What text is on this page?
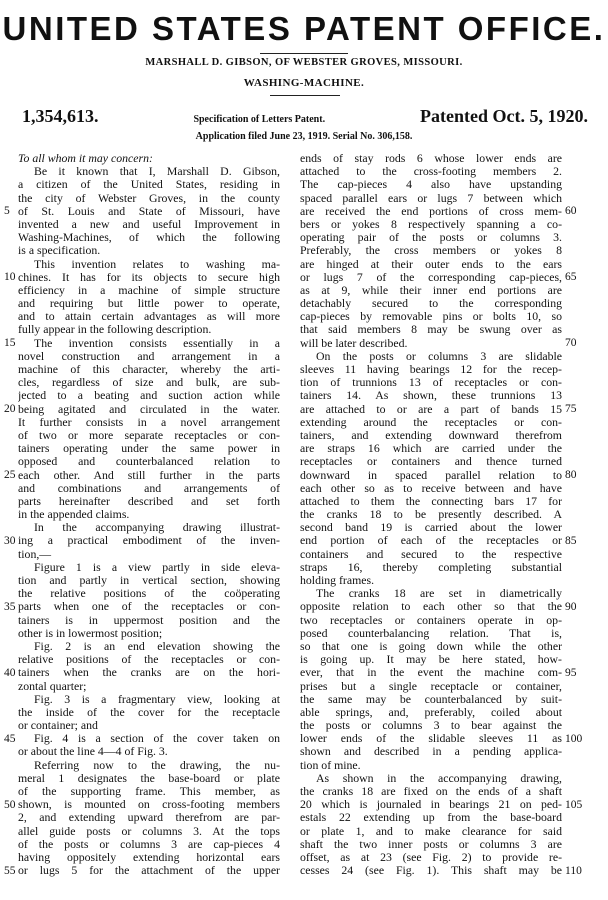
UNITED STATES PATENT OFFICE.
MARSHALL D. GIBSON, OF WEBSTER GROVES, MISSOURI.
WASHING-MACHINE.
1,354,613.	Specification of Letters Patent.	Patented Oct. 5, 1920.
Application filed June 23, 1919. Serial No. 306,158.
To all whom it may concern:
Be it known that I, Marshall D. Gibson,
a citizen of the United States, residing in
the city of Webster Groves, in the county
of St. Louis and State of Missouri, have
invented a new and useful Improvement in
Washing-Machines, of which the following
is a specification.
This invention relates to washing ma-
chines. It has for its objects to secure high
efficiency in a machine of simple structure
and requiring but little power to operate,
and to attain certain advantages as will more
fully appear in the following description.
The invention consists essentially in a
novel construction and arrangement in a
machine of this character, whereby the arti-
cles, regardless of size and bulk, are sub-
jected to a beating and suction action while
being agitated and circulated in the water.
It further consists in a novel arrangement
of two or more separate receptacles or con-
tainers operating under the same power in
opposed and counterbalanced relation to
each other. And still further in the parts
and combinations and arrangements of
parts hereinafter described and set forth
in the appended claims.
In the accompanying drawing illustrat-
ing a practical embodiment of the inven-
tion,—
Figure 1 is a view partly in side eleva-
tion and partly in vertical section, showing
the relative positions of the coöperating
parts when one of the receptacles or con-
tainers is in uppermost position and the
other is in lowermost position;
Fig. 2 is an end elevation showing the
relative positions of the receptacles or con-
tainers when the cranks are on the hori-
zontal quarter;
Fig. 3 is a fragmentary view, looking at
the inside of the cover for the receptacle
or container; and
Fig. 4 is a section of the cover taken on
or about the line 4—4 of Fig. 3.
Referring now to the drawing, the nu-
meral 1 designates the base-board or plate
of the supporting frame. This member, as
shown, is mounted on cross-footing members
2, and extending upward therefrom are par-
allel guide posts or columns 3. At the tops
of the posts or columns 3 are cap-pieces 4
having oppositely extending horizontal ears
or lugs 5 for the attachment of the upper
ends of stay rods 6 whose lower ends are
attached to the cross-footing members 2.
The cap-pieces 4 also have upstanding
spaced parallel ears or lugs 7 between which
are received the end portions of cross mem-
bers or yokes 8 respectively spanning a co-
operating pair of the posts or columns 3.
Preferably, the cross members or yokes 8
are hinged at their outer ends to the ears
or lugs 7 of the corresponding cap-pieces,
as at 9, while their inner end portions are
detachably secured to the corresponding
cap-pieces by removable pins or bolts 10, so
that said members 8 may be swung over as
will be later described.
On the posts or columns 3 are slidable
sleeves 11 having bearings 12 for the recep-
tion of trunnions 13 of receptacles or con-
tainers 14. As shown, these trunnions 13
are attached to or are a part of bands 15
extending around the receptacles or con-
tainers, and extending downward therefrom
are straps 16 which are carried under the
receptacles or containers and thence turned
downward in spaced parallel relation to
each other so as to receive between and have
attached to them the connecting bars 17 for
the cranks 18 to be presently described. A
second band 19 is carried about the lower
end portion of each of the receptacles or
containers and secured to the respective
straps 16, thereby completing substantial
holding frames.
The cranks 18 are set in diametrically
opposite relation to each other so that the
two receptacles or containers operate in op-
posed counterbalancing relation. That is,
so that one is going down while the other
is going up. It may be here stated, how-
ever, that in the event the machine com-
prises but a single receptacle or container,
the same may be counterbalanced by suit-
able springs, and, preferably, coiled about
the posts or columns 3 to bear against the
lower ends of the slidable sleeves 11 as
shown and described in a pending applica-
tion of mine.
As shown in the accompanying drawing,
the cranks 18 are fixed on the ends of a shaft
20 which is journaled in bearings 21 on ped-
estals 22 extending up from the base-board
or plate 1, and to make clearance for said
shaft the two inner posts or columns 3 are
offset, as at 23 (see Fig. 2) to provide re-
cesses 24 (see Fig. 1). This shaft may be
5
10
15
20
25
30
35
40
45
50
55
60
65
70
75
80
85
90
95
100
105
110
